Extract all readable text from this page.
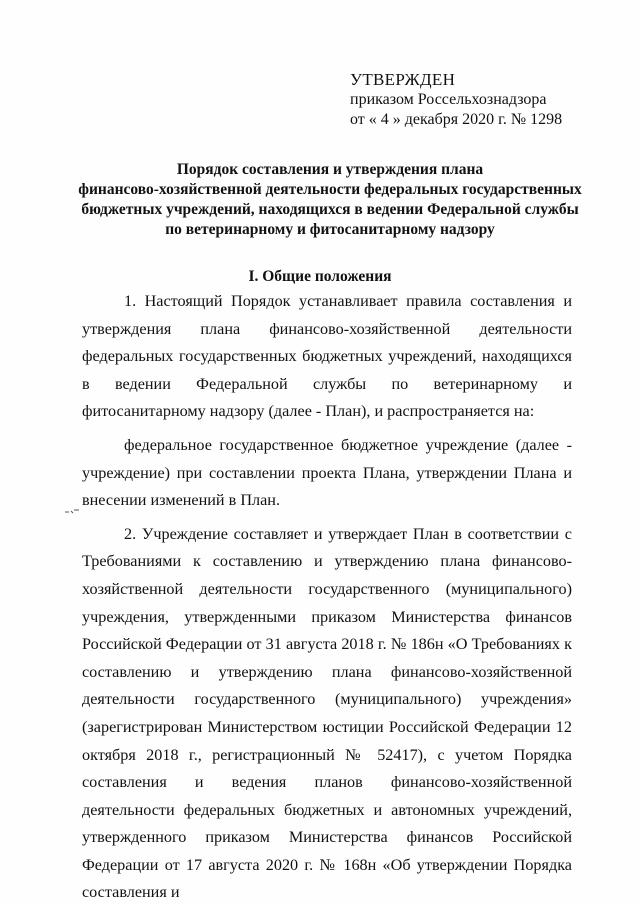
УТВЕРЖДЕН
приказом Россельхознадзора
от « 4 » декабря 2020 г. № 1298
Порядок составления и утверждения плана
финансово-хозяйственной деятельности федеральных государственных
бюджетных учреждений, находящихся в ведении Федеральной службы
по ветеринарному и фитосанитарному надзору
I. Общие положения

1. Настоящий Порядок устанавливает правила составления и утверждения плана финансово-хозяйственной деятельности федеральных государственных бюджетных учреждений, находящихся в ведении Федеральной службы по ветеринарному и фитосанитарному надзору (далее - План), и распространяется на:

федеральное государственное бюджетное учреждение (далее - учреждение) при составлении проекта Плана, утверждении Плана и внесении изменений в План.

2. Учреждение составляет и утверждает План в соответствии с Требованиями к составлению и утверждению плана финансово-хозяйственной деятельности государственного (муниципального) учреждения, утвержденными приказом Министерства финансов Российской Федерации от 31 августа 2018 г. № 186н «О Требованиях к составлению и утверждению плана финансово-хозяйственной деятельности государственного (муниципального) учреждения» (зарегистрирован Министерством юстиции Российской Федерации 12 октября 2018 г., регистрационный № 52417), с учетом Порядка составления и ведения планов финансово-хозяйственной деятельности федеральных бюджетных и автономных учреждений, утвержденного приказом Министерства финансов Российской Федерации от 17 августа 2020 г. № 168н «Об утверждении Порядка составления и
